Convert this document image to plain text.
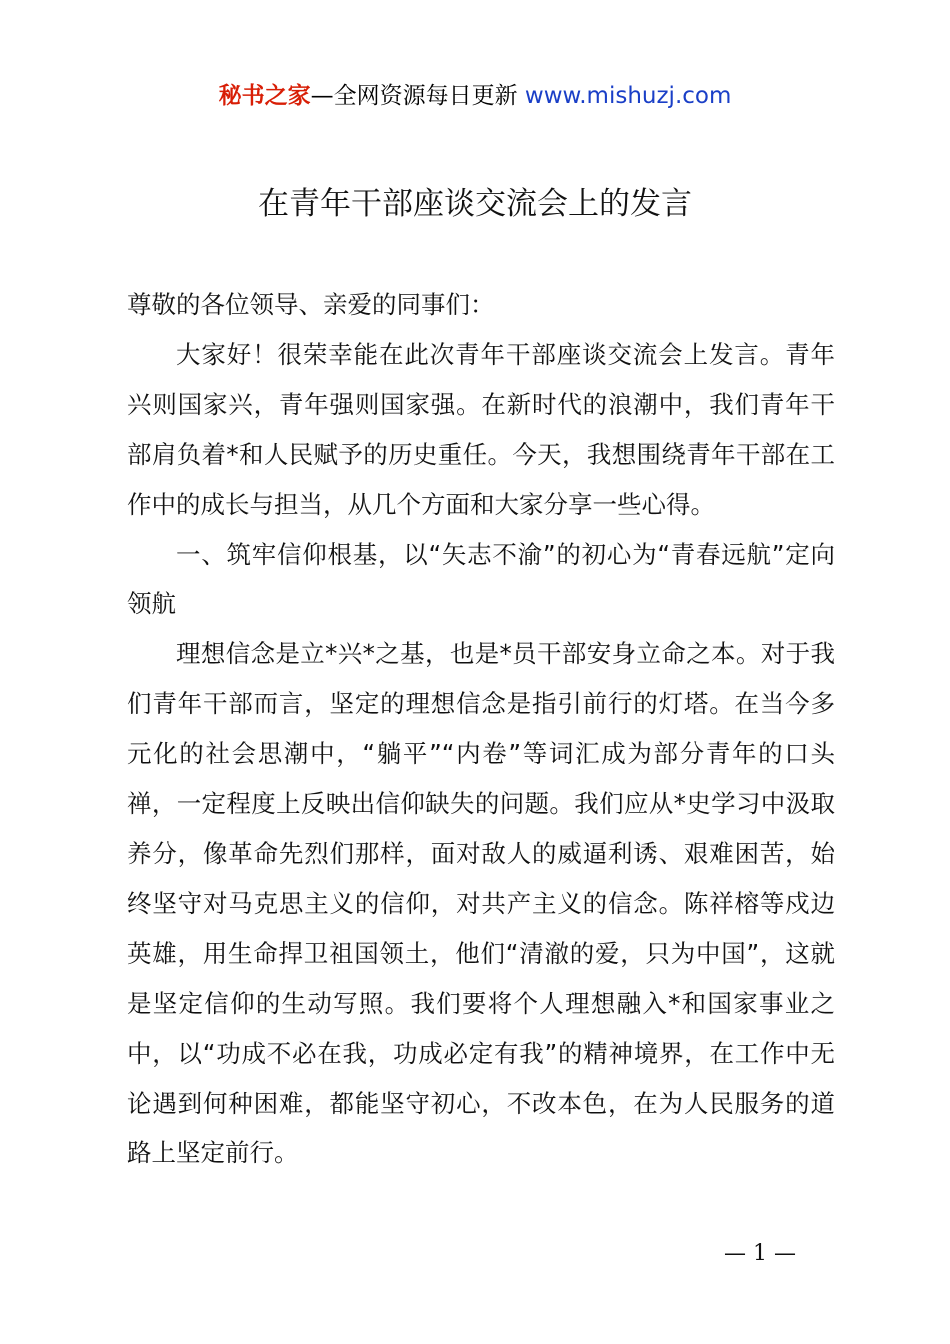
秘书之家—全网资源每日更新 www.mishuzj.com
在青年干部座谈交流会上的发言

尊敬的各位领导、亲爱的同事们：

大家好！很荣幸能在此次青年干部座谈交流会上发言。青年兴则国家兴，青年强则国家强。在新时代的浪潮中，我们青年干部肩负着*和人民赋予的历史重任。今天，我想围绕青年干部在工作中的成长与担当，从几个方面和大家分享一些心得。

一、筑牢信仰根基，以“矢志不渝”的初心为“青春远航”定向领航

理想信念是立*兴*之基，也是*员干部安身立命之本。对于我们青年干部而言，坚定的理想信念是指引前行的灯塔。在当今多元化的社会思潮中，“躺平”“内卷”等词汇成为部分青年的口头禅，一定程度上反映出信仰缺失的问题。我们应从*史学习中汲取养分，像革命先烈们那样，面对敌人的威逼利诱、艰难困苦，始终坚守对马克思主义的信仰，对共产主义的信念。陈祥榕等戍边英雄，用生命捍卫祖国领土，他们“清澈的爱，只为中国”，这就是坚定信仰的生动写照。我们要将个人理想融入*和国家事业之中，以“功成不必在我，功成必定有我”的精神境界，在工作中无论遇到何种困难，都能坚守初心，不改本色，在为人民服务的道路上坚定前行。

— 1 —
